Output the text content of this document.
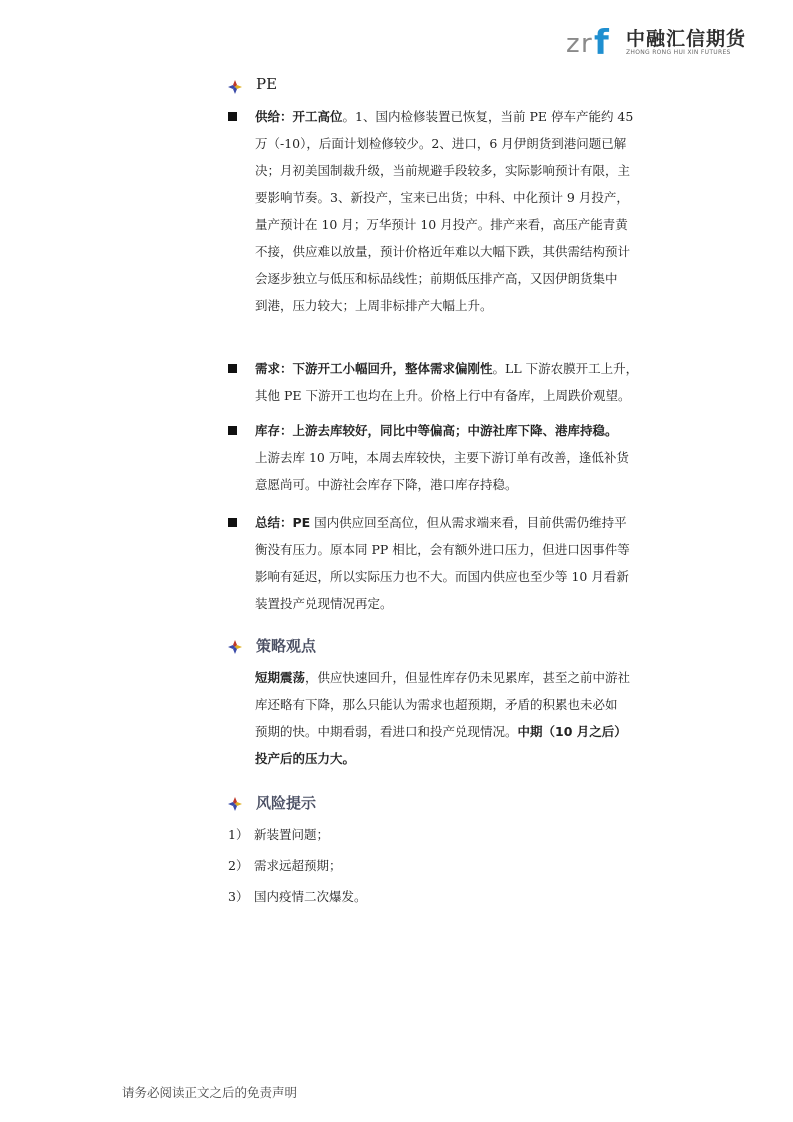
z r f 中融汇信期货
ZHONG RONG HUI XIN FUTURES
PE
供给：开工高位。1、国内检修装置已恢复，当前 PE 停车产能约 45
万（-10），后面计划检修较少。2、进口，6 月伊朗货到港问题已解
决；月初美国制裁升级，当前规避手段较多，实际影响预计有限，主
要影响节奏。3、新投产，宝来已出货；中科、中化预计 9 月投产，
量产预计在 10 月；万华预计 10 月投产。排产来看，高压产能青黄
不接，供应难以放量，预计价格近年难以大幅下跌，其供需结构预计
会逐步独立与低压和标品线性；前期低压排产高，又因伊朗货集中
到港，压力较大；上周非标排产大幅上升。
需求：下游开工小幅回升，整体需求偏刚性。LL 下游农膜开工上升，
其他 PE 下游开工也均在上升。价格上行中有备库，上周跌价观望。
库存：上游去库较好，同比中等偏高；中游社库下降、港库持稳。
上游去库 10 万吨，本周去库较快，主要下游订单有改善，逢低补货
意愿尚可。中游社会库存下降，港口库存持稳。
总结：PE 国内供应回至高位，但从需求端来看，目前供需仍维持平
衡没有压力。原本同 PP 相比，会有额外进口压力，但进口因事件等
影响有延迟，所以实际压力也不大。而国内供应也至少等 10 月看新
装置投产兑现情况再定。
策略观点
短期震荡，供应快速回升，但显性库存仍未见累库，甚至之前中游社
库还略有下降，那么只能认为需求也超预期，矛盾的积累也未必如
预期的快。中期看弱，看进口和投产兑现情况。中期（10 月之后）
投产后的压力大。
风险提示
1） 新装置问题；
2） 需求远超预期；
3） 国内疫情二次爆发。
请务必阅读正文之后的免责声明
